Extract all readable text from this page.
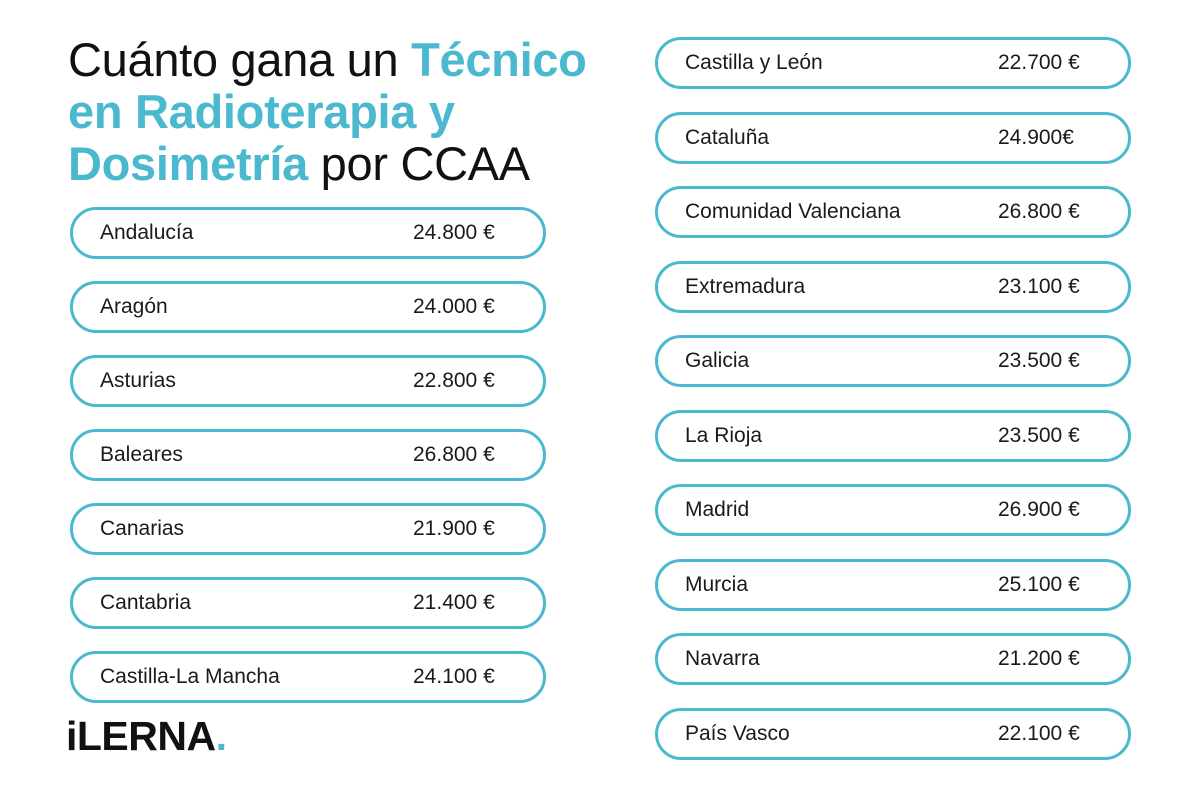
Cuánto gana un Técnico
en Radioterapia y
Dosimetría por CCAA
Andalucía	24.800 €
Aragón	24.000 €
Asturias	22.800 €
Baleares	26.800 €
Canarias	21.900 €
Cantabria	21.400 €
Castilla-La Mancha	24.100 €
Castilla y León	22.700 €
Cataluña	24.900€
Comunidad Valenciana	26.800 €
Extremadura	23.100 €
Galicia	23.500 €
La Rioja	23.500 €
Madrid	26.900 €
Murcia	25.100 €
Navarra	21.200 €
País Vasco	22.100 €
iLERNA.
